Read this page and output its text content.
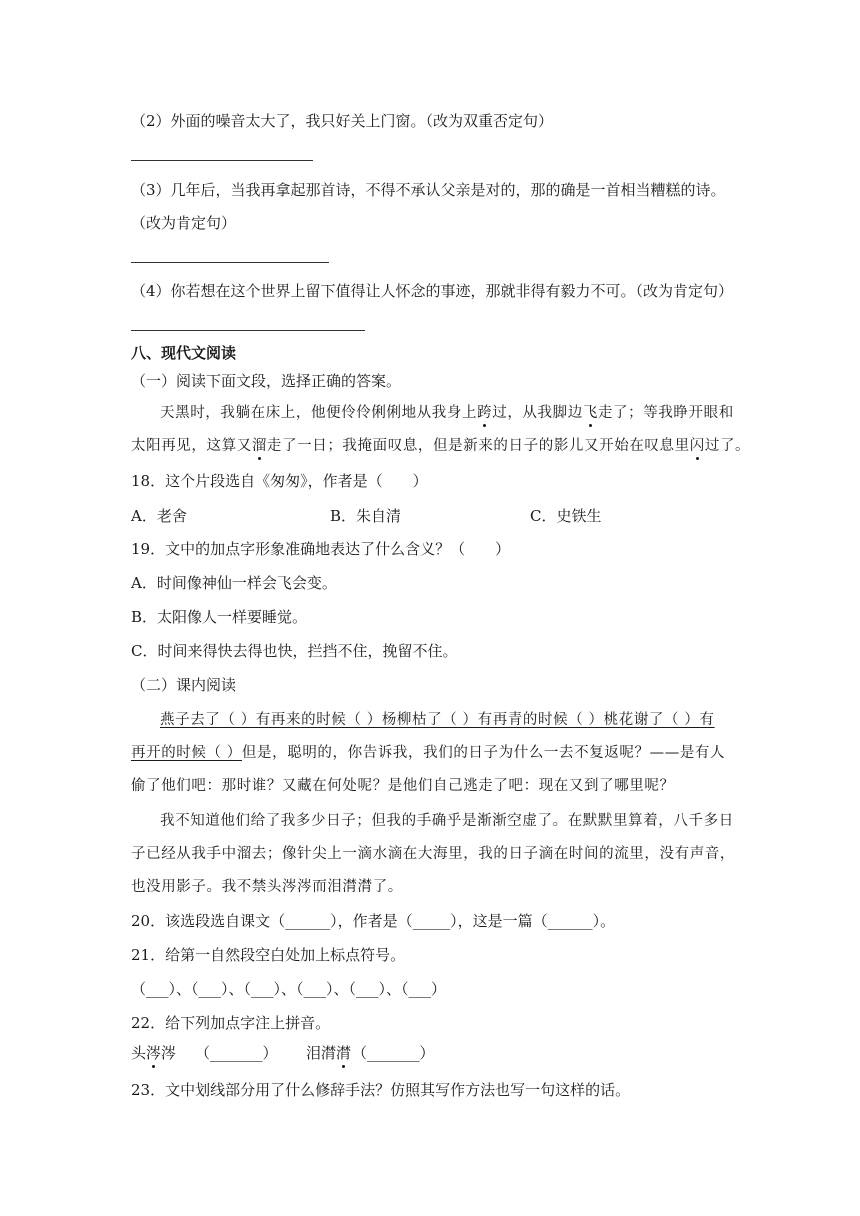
（2）外面的噪音太大了，我只好关上门窗。（改为双重否定句）
（3）几年后，当我再拿起那首诗，不得不承认父亲是对的，那的确是一首相当糟糕的诗。
（改为肯定句）
（4）你若想在这个世界上留下值得让人怀念的事迹，那就非得有毅力不可。（改为肯定句）
八、现代文阅读
（一）阅读下面文段，选择正确的答案。
天黑时，我躺在床上，他便伶伶俐俐地从我身上跨过，从我脚边飞走了；等我睁开眼和
太阳再见，这算又溜走了一日；我掩面叹息，但是新来的日子的影儿又开始在叹息里闪过了。
18．这个片段选自《匆匆》，作者是（　　）
A．老舍	B．朱自清	C．史铁生
19．文中的加点字形象准确地表达了什么含义？（　　）
A．时间像神仙一样会飞会变。
B．太阳像人一样要睡觉。
C．时间来得快去得也快，拦挡不住，挽留不住。
（二）课内阅读
燕子去了（ ）有再来的时候（ ）杨柳枯了（ ）有再青的时候（ ）桃花谢了（ ）有
再开的时候（ ）但是，聪明的，你告诉我，我们的日子为什么一去不复返呢？——是有人
偷了他们吧：那时谁？又藏在何处呢？是他们自己逃走了吧：现在又到了哪里呢？
我不知道他们给了我多少日子；但我的手确乎是渐渐空虚了。在默默里算着，八千多日
子已经从我手中溜去；像针尖上一滴水滴在大海里，我的日子滴在时间的流里，没有声音，
也没用影子。我不禁头涔涔而泪潸潸了。
20．该选段选自课文（______），作者是（_____），这是一篇（______）。
21．给第一自然段空白处加上标点符号。
（___）、（___）、（___）、（___）、（___）、（___）
22．给下列加点字注上拼音。
头涔涔 （_______） 泪潸潸 （_______）
23．文中划线部分用了什么修辞手法？仿照其写作方法也写一句这样的话。
